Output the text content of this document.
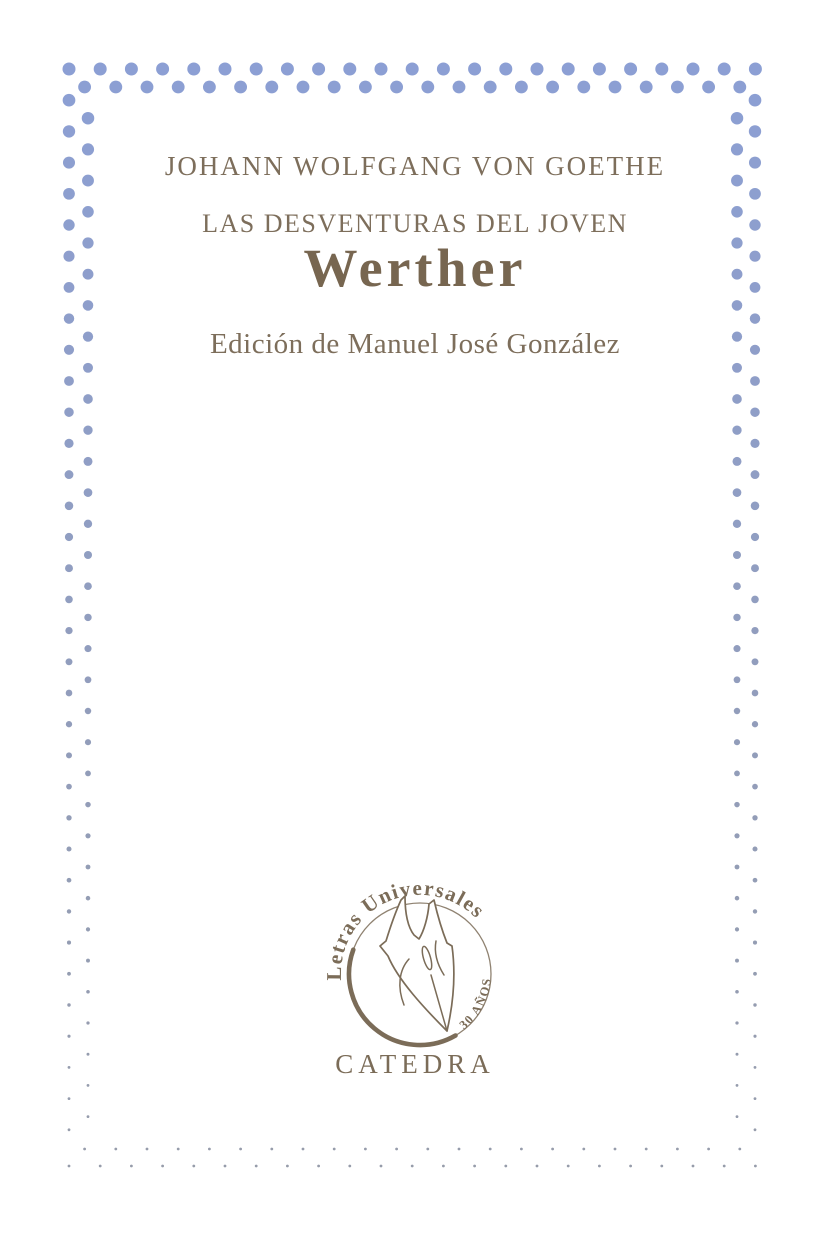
JOHANN WOLFGANG VON GOETHE
LAS DESVENTURAS DEL JOVEN
Werther
Edición de Manuel José González
Letras Universales
30 AÑOS
CATEDRA
